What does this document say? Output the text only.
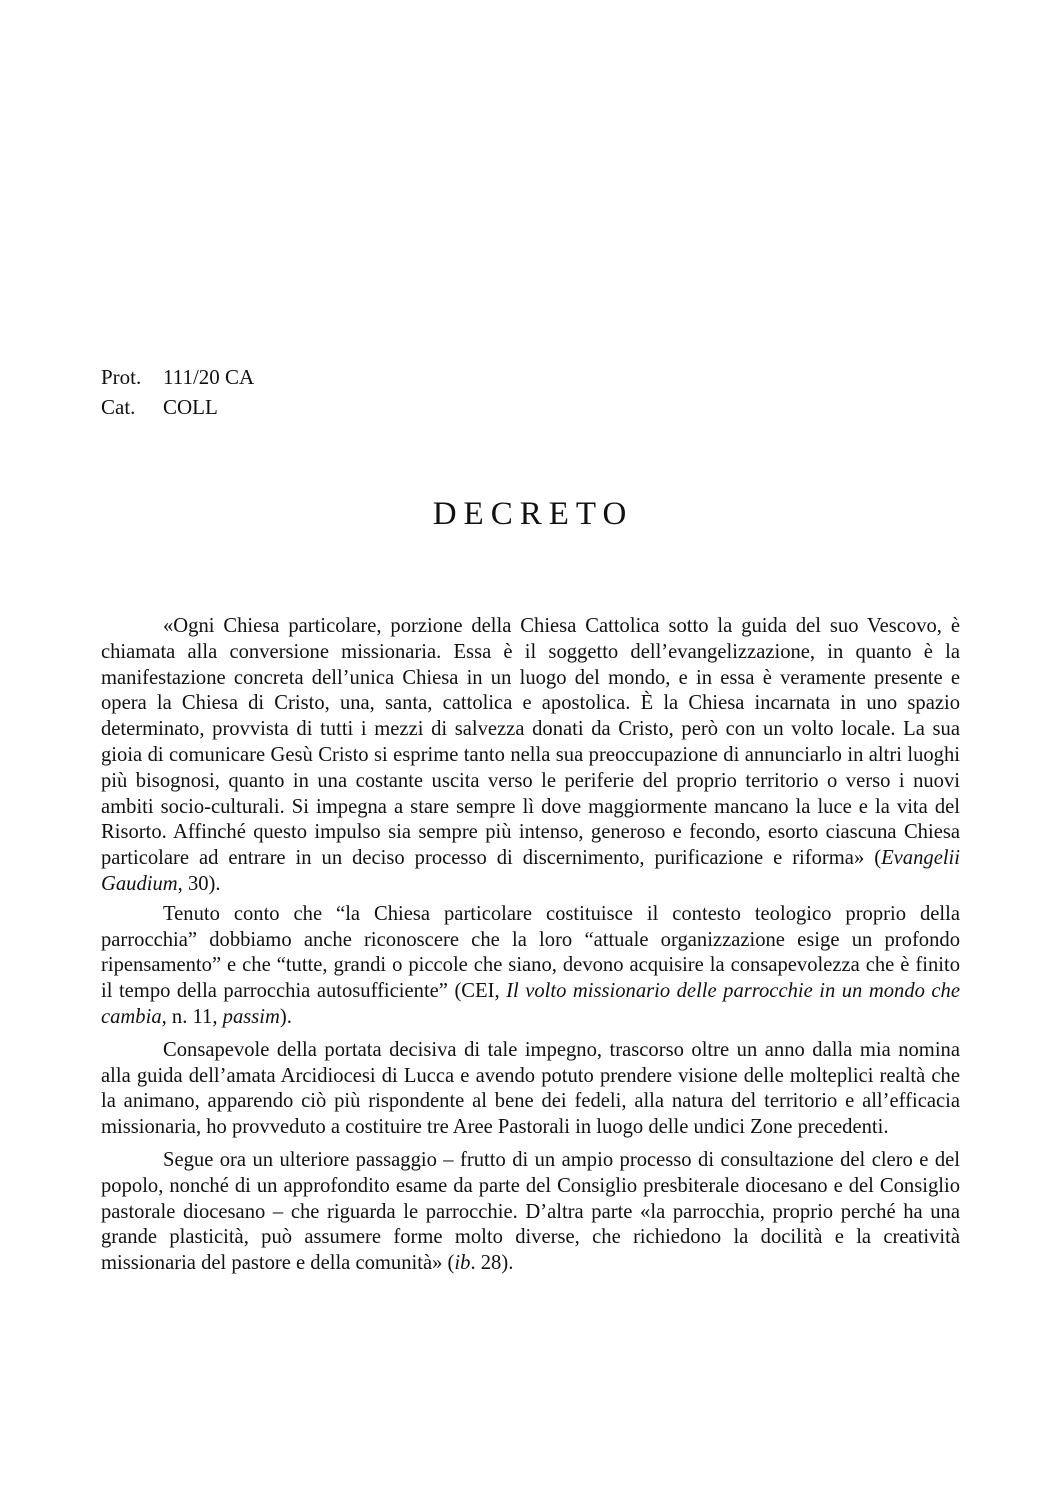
Prot.	111/20 CA
Cat.	COLL
DECRETO

«Ogni Chiesa particolare, porzione della Chiesa Cattolica sotto la guida del suo Vescovo, è chiamata alla conversione missionaria. Essa è il soggetto dell’evangelizzazione, in quanto è la manifestazione concreta dell’unica Chiesa in un luogo del mondo, e in essa è veramente presente e opera la Chiesa di Cristo, una, santa, cattolica e apostolica. È la Chiesa incarnata in uno spazio determinato, provvista di tutti i mezzi di salvezza donati da Cristo, però con un volto locale. La sua gioia di comunicare Gesù Cristo si esprime tanto nella sua preoccupazione di annunciarlo in altri luoghi più bisognosi, quanto in una costante uscita verso le periferie del proprio territorio o verso i nuovi ambiti socio-culturali. Si impegna a stare sempre lì dove maggiormente mancano la luce e la vita del Risorto. Affinché questo impulso sia sempre più intenso, generoso e fecondo, esorto ciascuna Chiesa particolare ad entrare in un deciso processo di discernimento, purificazione e riforma» (Evangelii Gaudium, 30).

Tenuto conto che “la Chiesa particolare costituisce il contesto teologico proprio della parrocchia” dobbiamo anche riconoscere che la loro “attuale organizzazione esige un profondo ripensamento” e che “tutte, grandi o piccole che siano, devono acquisire la consapevolezza che è finito il tempo della parrocchia autosufficiente” (CEI, Il volto missionario delle parrocchie in un mondo che cambia, n. 11, passim).

Consapevole della portata decisiva di tale impegno, trascorso oltre un anno dalla mia nomina alla guida dell’amata Arcidiocesi di Lucca e avendo potuto prendere visione delle molteplici realtà che la animano, apparendo ciò più rispondente al bene dei fedeli, alla natura del territorio e all’efficacia missionaria, ho provveduto a costituire tre Aree Pastorali in luogo delle undici Zone precedenti.

Segue ora un ulteriore passaggio – frutto di un ampio processo di consultazione del clero e del popolo, nonché di un approfondito esame da parte del Consiglio presbiterale diocesano e del Consiglio pastorale diocesano – che riguarda le parrocchie. D’altra parte «la parrocchia, proprio perché ha una grande plasticità, può assumere forme molto diverse, che richiedono la docilità e la creatività missionaria del pastore e della comunità» (ib. 28).
